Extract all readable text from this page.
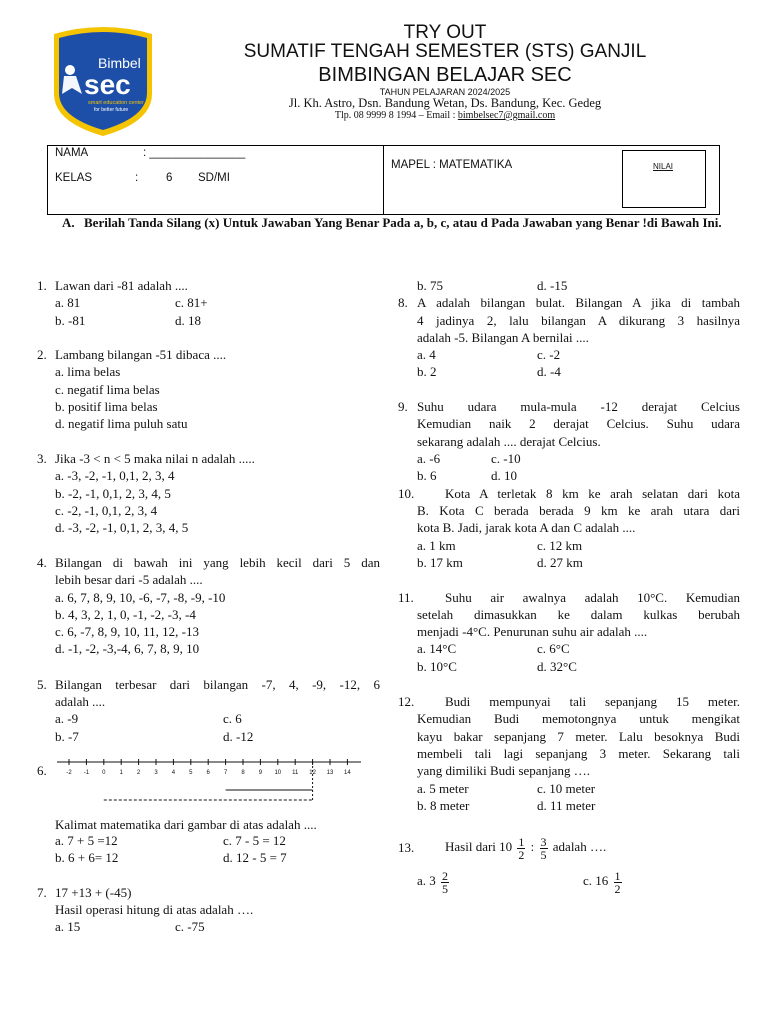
Bimbel
sec
smart education center
for better future
TRY OUT
SUMATIF TENGAH SEMESTER (STS) GANJIL
BIMBINGAN BELAJAR SEC
TAHUN PELAJARAN 2024/2025
Jl. Kh. Astro, Dsn. Bandung Wetan, Ds. Bandung, Kec. Gedeg
Tlp. 08 9999 8 1994 – Email : bimbelsec7@gmail.com
NAMA	: _______________
KELAS	: 6 SD/MI
MAPEL : MATEMATIKA	NILAI
A. Berilah Tanda Silang (x) Untuk Jawaban Yang Benar Pada a, b, c, atau d Pada Jawaban yang Benar !di Bawah Ini.
1. Lawan dari -81 adalah ....
a. 81	c. 81+
b. -81	d. 18
2. Lambang bilangan -51 dibaca ....
a. lima belas
c. negatif lima belas
b. positif lima belas
d. negatif lima puluh satu
3. Jika -3 < n < 5 maka nilai n adalah .....
a. -3, -2, -1, 0,1, 2, 3, 4
b. -2, -1, 0,1, 2, 3, 4, 5
c. -2, -1, 0,1, 2, 3, 4
d. -3, -2, -1, 0,1, 2, 3, 4, 5
4. Bilangan di bawah ini yang lebih kecil dari 5 dan
lebih besar dari -5 adalah ....
a. 6, 7, 8, 9, 10, -6, -7, -8, -9, -10
b. 4, 3, 2, 1, 0, -1, -2, -3, -4
c. 6, -7, 8, 9, 10, 11, 12, -13
d. -1, -2, -3,-4, 6, 7, 8, 9, 10
5. Bilangan terbesar dari bilangan -7, 4, -9, -12, 6
adalah ....
a. -9	c. 6
b. -7	d. -12
6.	-2 -1 0 1 2 3 4 5 6 7 8 9 10 11 12 13 14
Kalimat matematika dari gambar di atas adalah ....
a. 7 + 5 =12	c. 7 - 5 = 12
b. 6 + 6= 12	d. 12 - 5 = 7
7. 17 +13 + (-45)
Hasil operasi hitung di atas adalah ….
a. 15	c. -75
b. 75	d. -15
8. A adalah bilangan bulat. Bilangan A jika di tambah
4 jadinya 2, lalu bilangan A dikurang 3 hasilnya
adalah -5. Bilangan A bernilai ....
a. 4	c. -2
b. 2	d. -4
9. Suhu udara mula-mula -12 derajat Celcius
Kemudian naik 2 derajat Celcius. Suhu udara
sekarang adalah .... derajat Celcius.
a. -6	c. -10
b. 6	d. 10
10. Kota A terletak 8 km ke arah selatan dari kota
B. Kota C berada berada 9 km ke arah utara dari
kota B. Jadi, jarak kota A dan C adalah ....
a. 1 km	c. 12 km
b. 17 km	d. 27 km
11. Suhu air awalnya adalah 10°C. Kemudian
setelah dimasukkan ke dalam kulkas berubah
menjadi -4°C. Penurunan suhu air adalah ....
a. 14°C	c. 6°C
b. 10°C	d. 32°C
12. Budi mempunyai tali sepanjang 15 meter.
Kemudian Budi memotongnya untuk mengikat
kayu bakar sepanjang 7 meter. Lalu besoknya Budi
membeli tali lagi sepanjang 3 meter. Sekarang tali
yang dimiliki Budi sepanjang ….
a. 5 meter	c. 10 meter
b. 8 meter	d. 11 meter
13. Hasil dari $10 \frac{1}{2}$ : $\frac{3}{5}$ adalah ….
a. $3 \frac{2}{5}$	c. $16 \frac{1}{2}$
